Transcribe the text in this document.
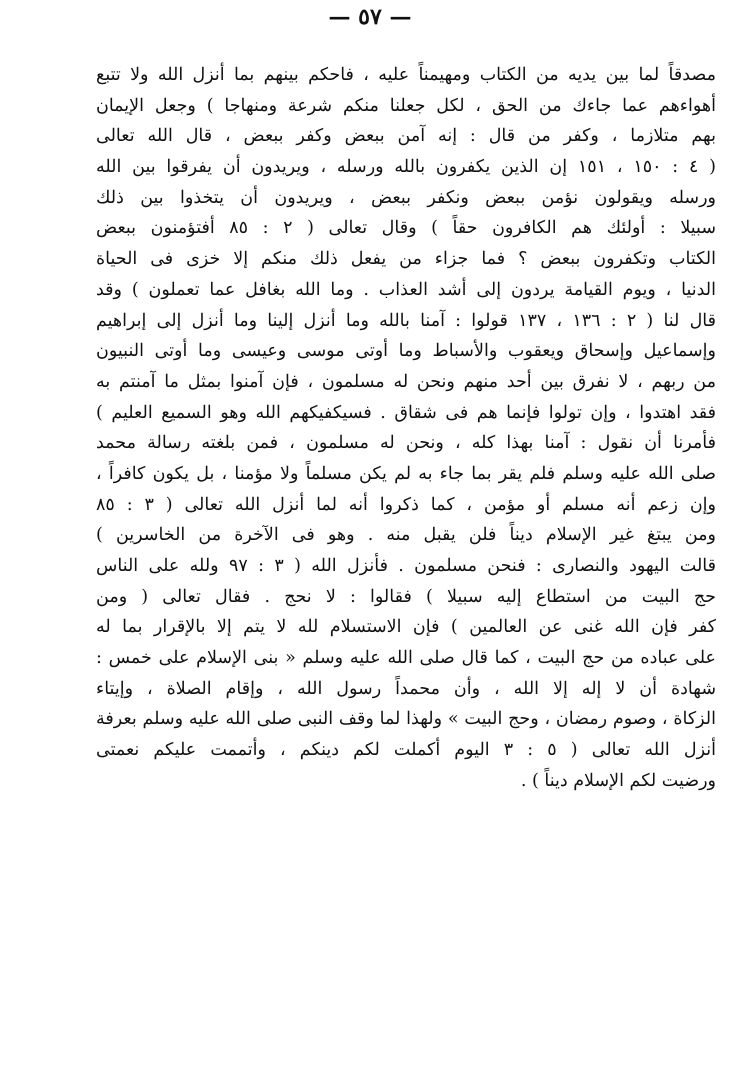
— ٥٧ —
مصدقاً لما بين يديه من الكتاب ومهيمناً عليه ، فاحكم بينهم بما أنزل الله ولا تتبع
أهواءهم عما جاءك من الحق ، لكل جعلنا منكم شرعة ومنهاجا ) وجعل الإيمان
بهم متلازما ، وكفر من قال : إنه آمن ببعض وكفر ببعض ، قال الله تعالى
( ٤ : ١٥٠ ، ١٥١ إن الذين يكفرون بالله ورسله ، ويريدون أن يفرقوا بين الله
ورسله ويقولون نؤمن ببعض ونكفر ببعض ، ويريدون أن يتخذوا بين ذلك
سبيلا : أولئك هم الكافرون حقاً ) وقال تعالى ( ٢ : ٨٥ أفتؤمنون ببعض
الكتاب وتكفرون ببعض ؟ فما جزاء من يفعل ذلك منكم إلا خزى فى الحياة
الدنيا ، ويوم القيامة يردون إلى أشد العذاب . وما الله بغافل عما تعملون ) وقد
قال لنا ( ٢ : ١٣٦ ، ١٣٧ قولوا : آمنا بالله وما أنزل إلينا وما أنزل إلى إبراهيم
وإسماعيل وإسحاق ويعقوب والأسباط وما أوتى موسى وعيسى وما أوتى النبيون
من ربهم ، لا نفرق بين أحد منهم ونحن له مسلمون ، فإن آمنوا بمثل ما آمنتم به
فقد اهتدوا ، وإن تولوا فإنما هم فى شقاق . فسيكفيكهم الله وهو السميع العليم )
فأمرنا أن نقول : آمنا بهذا كله ، ونحن له مسلمون ، فمن بلغته رسالة محمد
صلى الله عليه وسلم فلم يقر بما جاء به لم يكن مسلماً ولا مؤمنا ، بل يكون كافراً ،
وإن زعم أنه مسلم أو مؤمن ، كما ذكروا أنه لما أنزل الله تعالى ( ٣ : ٨٥
ومن يبتغ غير الإسلام ديناً فلن يقبل منه . وهو فى الآخرة من الخاسرين )
قالت اليهود والنصارى : فنحن مسلمون . فأنزل الله ( ٣ : ٩٧ ولله على الناس
حج البيت من استطاع إليه سبيلا ) فقالوا : لا نحج . فقال تعالى ( ومن
كفر فإن الله غنى عن العالمين ) فإن الاستسلام لله لا يتم إلا بالإقرار بما له
على عباده من حج البيت ، كما قال صلى الله عليه وسلم « بنى الإسلام على خمس :
شهادة أن لا إله إلا الله ، وأن محمداً رسول الله ، وإقام الصلاة ، وإيتاء
الزكاة ، وصوم رمضان ، وحج البيت » ولهذا لما وقف النبى صلى الله عليه وسلم بعرفة
أنزل الله تعالى ( ٥ : ٣ اليوم أكملت لكم دينكم ، وأتممت عليكم نعمتى
ورضيت لكم الإسلام ديناً ) .
